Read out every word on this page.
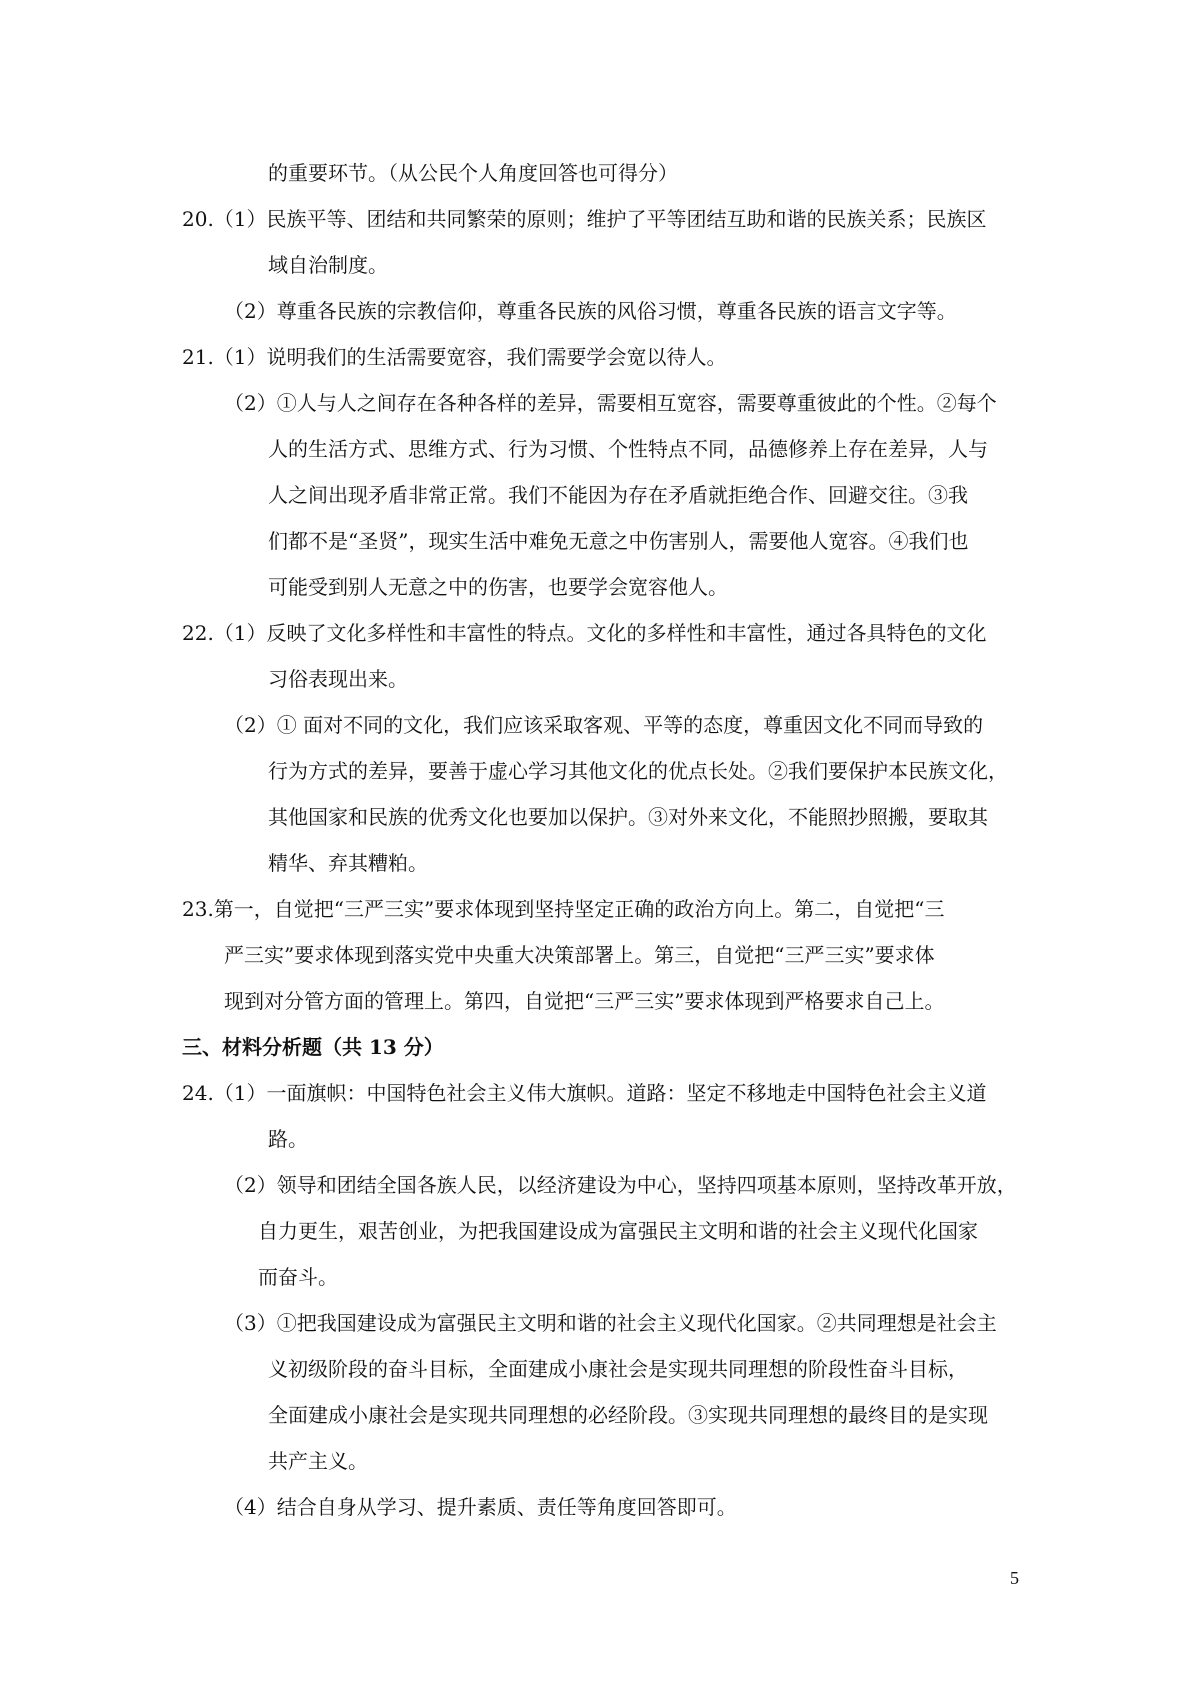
的重要环节。（从公民个人角度回答也可得分）
20.（1）民族平等、团结和共同繁荣的原则；维护了平等团结互助和谐的民族关系；民族区
域自治制度。
（2）尊重各民族的宗教信仰，尊重各民族的风俗习惯，尊重各民族的语言文字等。
21.（1）说明我们的生活需要宽容，我们需要学会宽以待人。
（2）①人与人之间存在各种各样的差异，需要相互宽容，需要尊重彼此的个性。②每个
人的生活方式、思维方式、行为习惯、个性特点不同，品德修养上存在差异，人与
人之间出现矛盾非常正常。我们不能因为存在矛盾就拒绝合作、回避交往。③我
们都不是“圣贤”，现实生活中难免无意之中伤害别人，需要他人宽容。④我们也
可能受到别人无意之中的伤害，也要学会宽容他人。
22.（1）反映了文化多样性和丰富性的特点。文化的多样性和丰富性，通过各具特色的文化
习俗表现出来。
（2）① 面对不同的文化，我们应该采取客观、平等的态度，尊重因文化不同而导致的
行为方式的差异，要善于虚心学习其他文化的优点长处。②我们要保护本民族文化，
其他国家和民族的优秀文化也要加以保护。③对外来文化，不能照抄照搬，要取其
精华、弃其糟粕。
23.第一，自觉把“三严三实”要求体现到坚持坚定正确的政治方向上。第二，自觉把“三
严三实”要求体现到落实党中央重大决策部署上。第三，自觉把“三严三实”要求体
现到对分管方面的管理上。第四，自觉把“三严三实”要求体现到严格要求自己上。
三、材料分析题（共 13 分）
24.（1）一面旗帜：中国特色社会主义伟大旗帜。道路：坚定不移地走中国特色社会主义道
路。
（2）领导和团结全国各族人民，以经济建设为中心，坚持四项基本原则，坚持改革开放，
自力更生，艰苦创业，为把我国建设成为富强民主文明和谐的社会主义现代化国家
而奋斗。
（3）①把我国建设成为富强民主文明和谐的社会主义现代化国家。②共同理想是社会主
义初级阶段的奋斗目标，全面建成小康社会是实现共同理想的阶段性奋斗目标，
全面建成小康社会是实现共同理想的必经阶段。③实现共同理想的最终目的是实现
共产主义。
（4）结合自身从学习、提升素质、责任等角度回答即可。
5
